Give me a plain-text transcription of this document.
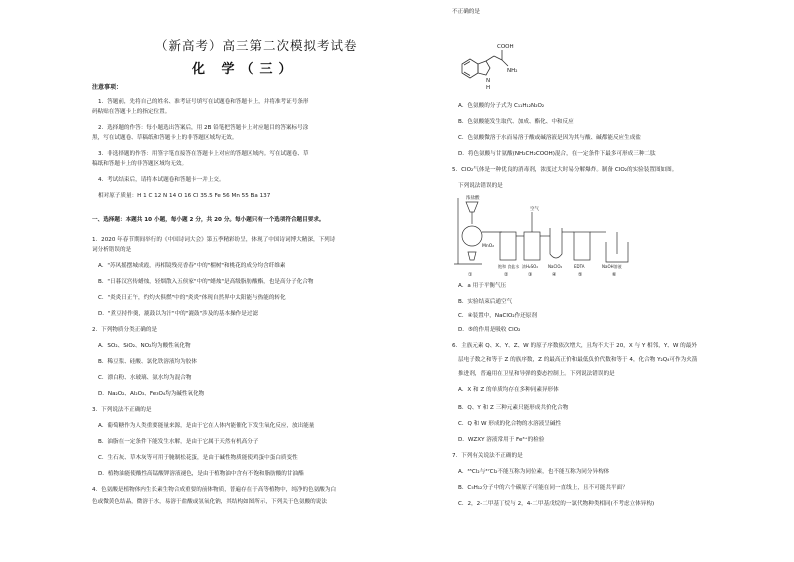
（新高考）高三第二次模拟考试卷
化 学（三）
注意事项：
1．答题前，先将自己的姓名、准考证号填写在试题卷和答题卡上，并将准考证号条形
码粘贴在答题卡上的指定位置。
2．选择题的作答：每小题选出答案后，用 2B 铅笔把答题卡上对应题目的答案标号涂
黑，写在试题卷、草稿纸和答题卡上的非答题区域均无效。
3．非选择题的作答：用签字笔直接答在答题卡上对应的答题区域内。写在试题卷、草
稿纸和答题卡上的非答题区域均无效。
4．考试结束后，请将本试题卷和答题卡一并上交。
相对原子质量：H 1 C 12 N 14 O 16 Cl 35.5 Fe 56 Mn 55 Ba 137
一、选择题：本题共 10 小题，每小题 2 分，共 20 分。每小题只有一个选项符合题目要求。
1．2020 年春节期间举行的《中国诗词大会》第五季精彩纷呈，体现了中国诗词博大精深，下列诗
词分析错误的是
A．"苏风摇摆城成霞，再相镜残亮香春"中的"榴树"和桃花的成分均含纤维素
B．"日暮汉宫传蜡烛，轻烟散入五侯家"中的"蜡烛"是高级脂肪酸酯，也是高分子化合物
C．"炎炎日正午，灼灼火俱燃"中的"炎炎"体现自然界中太阳能与热能的转化
D．"煮豆持作羹，漉鼓以为汁"中的"漉鼓"涉及的基本操作是过滤
2．下列物质分类正确的是
A．SO₂、SiO₂、NO₂均为酸性氧化物
B．稀豆浆、硅酸、氯化铁溶液均为胶体
C．漂白粉、水玻璃、氨水均为混合物
D．Na₂O₂、Al₂O₃、Fe₃O₄均为碱性氧化物
3．下列说法不正确的是
A．葡萄糖作为人类重要能量来源，是由于它在人体内能催化下发生氧化反应，放出能量
B．油脂在一定条件下能发生水解，是由于它属于天然有机高分子
C．生石灰、草木灰等可用于腌制松花蛋，是由于碱性物质能使鸡蛋中蛋白质变性
D．植物油能使酸性高锰酸钾溶液褪色，是由于植物油中含有不饱和脂肪酸的甘油酯
4．色氨酸是植物体内生长素生物合成重要的前体物质，普遍存在于高等植物中，纯净的色氨酸为白
色或微黄色结晶，微溶于水，易溶于盐酸或氢氧化钠，其结构如图所示，下列关于色氨酸的说法
不正确的是
COOH
NH₂
N
H
A．色氨酸的分子式为 C₁₁H₁₂N₂O₂
B．色氨酸能发生取代、加成、酯化、中和反应
C．色氨酸微溶于水而易溶于酸或碱溶液是因为其与酸、碱都能反应生成盐
D．将色氨酸与甘氨酸(NH₂CH₂COOH)混合，在一定条件下最多可形成三种二肽
5．ClO₂气体是一种优良的消毒剂，浓度过大时易分解爆炸。制备 ClO₂的实验装置图如图。
下列说法错误的是
浓盐酸
空气
MnO₂
饱和 食盐水 浓H₂SO₄	NaClO₂	EDTA	NaOH溶液
①	②	③	④	⑤	⑥
A．a 用于平衡气压
B．实验结束后通空气
C．④装置中，NaClO₂作还原剂
D．⑤的作用是吸收 ClO₂
6．主族元素 Q、X、Y、Z、W 的原子序数依次增大，且均不大于 20，X 与 Y 相邻，Y、W 的最外
层电子数之和等于 Z 的族序数，Z 的最高正价和最低负价代数和等于 4，化合物 Y₂Q₄可作为火箭
推进剂，普遍用在卫星和导弹的姿态控制上。下列说法错误的是
A．X 和 Z 的单质均存在多种同素异形体
B．Q、Y 和 Z 三种元素只能形成共价化合物
C．Q 和 W 形成的化合物的水溶液呈碱性
D．WZXY 溶液常用于 Fe³⁺的检验
7．下列有关说法不正确的是
A．³⁵Cl₂与³⁷Cl₂不能互称为同位素，也不能互称为同分异构体
B．C₅H₁₂分子中的六个碳原子可能在同一直线上，且不可能共平面？
C．2，2-二甲基丁烷与 2，4-二甲基戊烷的一氯代物种类相同(不考虑立体异构)
